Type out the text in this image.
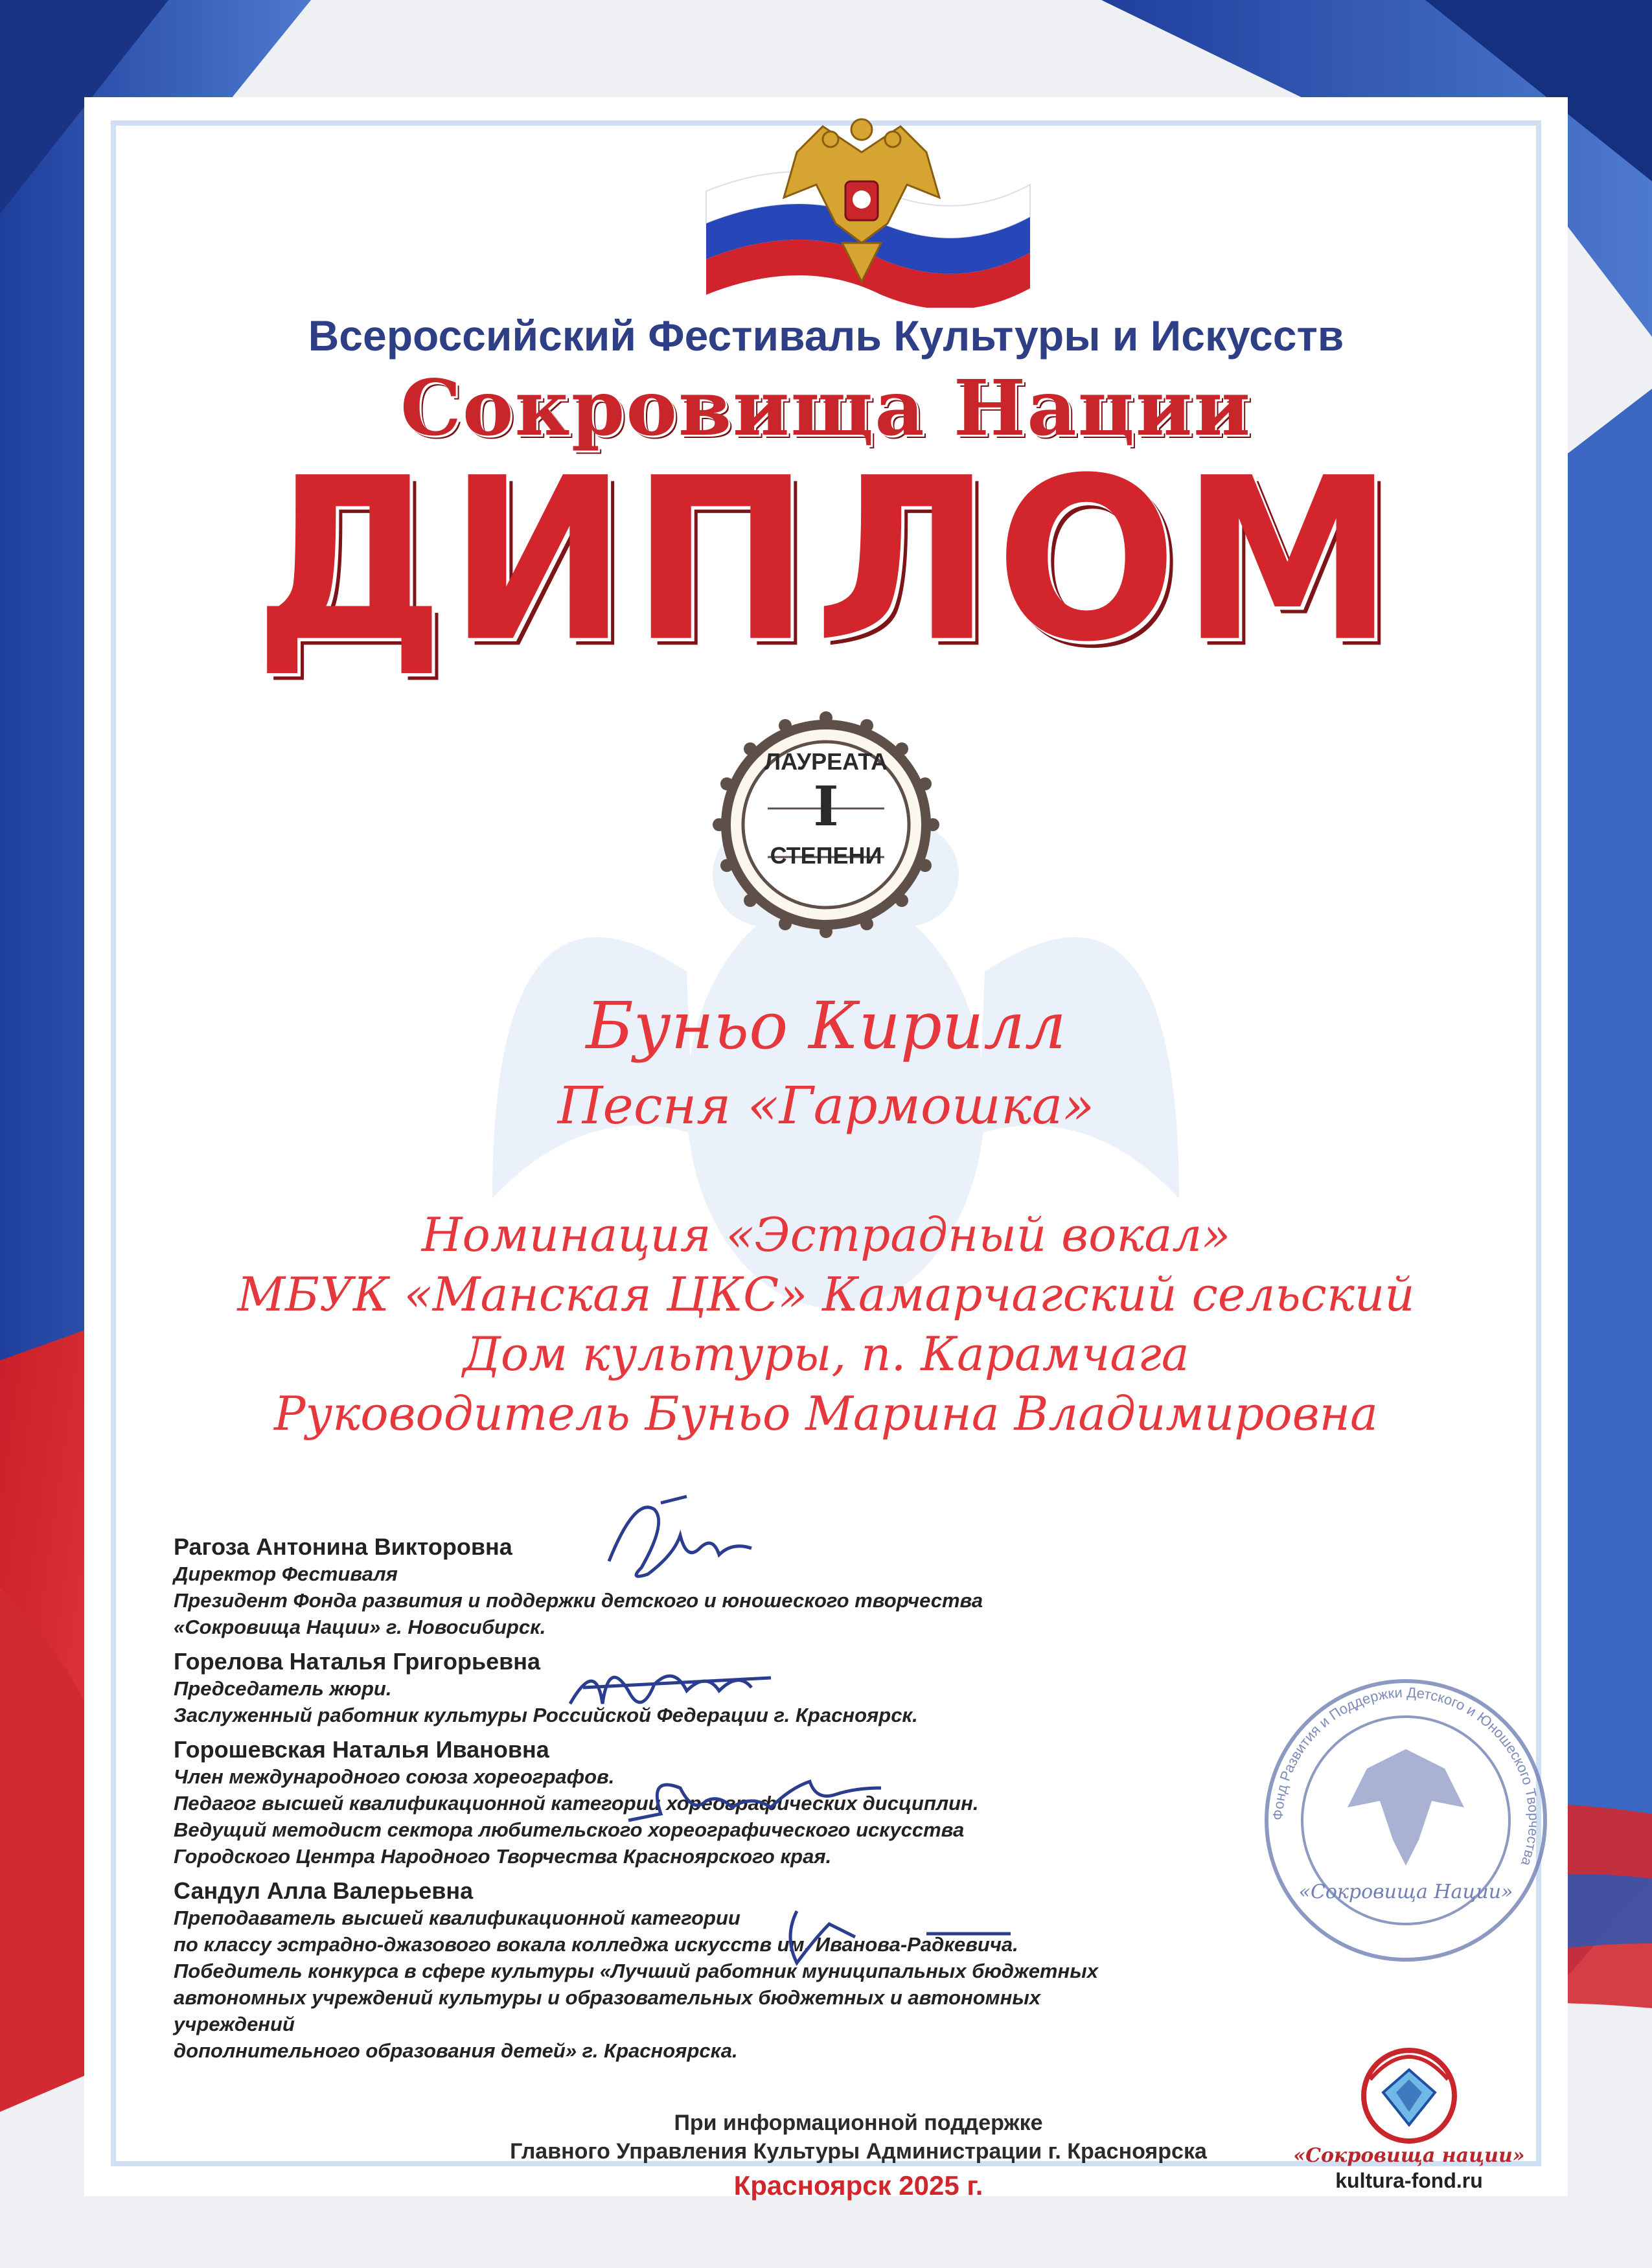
Всероссийский Фестиваль Культуры и Искусств
Сокровища Нации
ДИПЛОМ
ЛАУРЕАТА
I
СТЕПЕНИ
Буньо Кирилл
Песня «Гармошка»
Номинация «Эстрадный вокал»
МБУК «Манская ЦКС» Камарчагский сельский
Дом культуры, п. Карамчага
Руководитель Буньо Марина Владимировна
Рагоза Антонина Викторовна
Директор Фестиваля
Президент Фонда развития и поддержки детского и юношеского творчества
«Сокровища Нации» г. Новосибирск.
Горелова Наталья Григорьевна
Председатель жюри.
Заслуженный работник культуры Российской Федерации г. Красноярск.
Горошевская Наталья Ивановна
Член международного союза хореографов.
Педагог высшей квалификационной категории хореографических дисциплин.
Ведущий методист сектора любительского хореографического искусства
Городского Центра Народного Творчества Красноярского края.
Сандул Алла Валерьевна
Преподаватель высшей квалификационной категории
по классу эстрадно-джазового вокала колледжа искусств им. Иванова-Радкевича.
Победитель конкурса в сфере культуры «Лучший работник муниципальных бюджетных
автономных учреждений культуры и образовательных бюджетных и автономных учреждений
дополнительного образования детей» г. Красноярска.
Фонд Развития и Поддержки Детского и Юношеского Творчества
«Сокровища Нации»
«Сокровища нации»
kultura-fond.ru
При информационной поддержке
Главного Управления Культуры Администрации г. Красноярска
Красноярск 2025 г.
